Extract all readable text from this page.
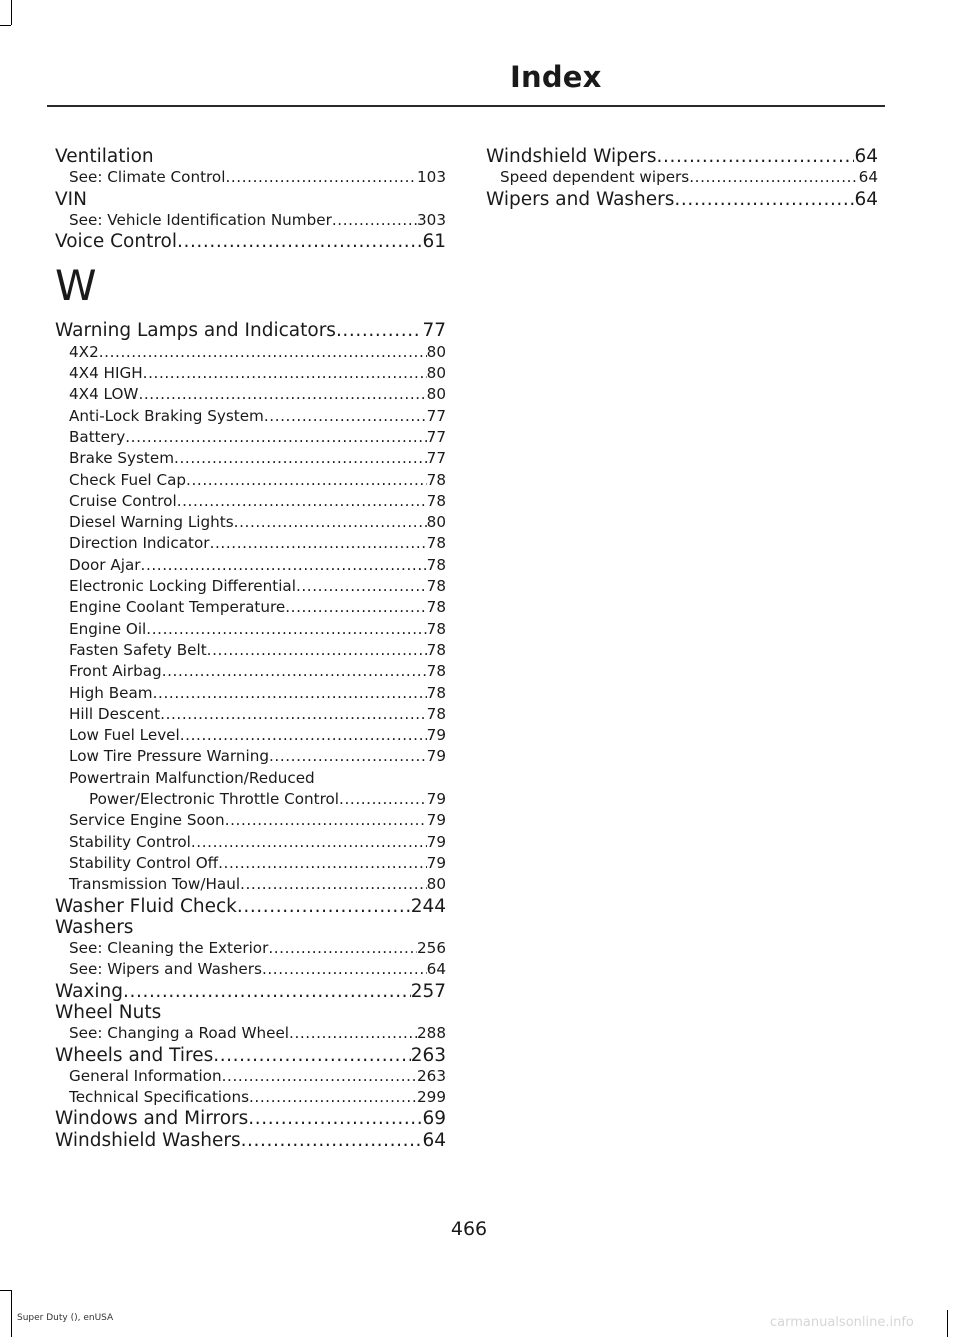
Index
Ventilation
See: Climate Control .....	103
VIN
See: Vehicle Identification Number .....	303
Voice Control .....	61
W
Warning Lamps and Indicators .....	77
4X2 .....	80
4X4 HIGH .....	80
4X4 LOW .....	80
Anti-Lock Braking System .....	77
Battery .....	77
Brake System .....	77
Check Fuel Cap .....	78
Cruise Control .....	78
Diesel Warning Lights .....	80
Direction Indicator .....	78
Door Ajar .....	78
Electronic Locking Differential .....	78
Engine Coolant Temperature .....	78
Engine Oil .....	78
Fasten Safety Belt .....	78
Front Airbag .....	78
High Beam .....	78
Hill Descent .....	78
Low Fuel Level .....	79
Low Tire Pressure Warning .....	79
Powertrain Malfunction/Reduced
Power/Electronic Throttle Control .....	79
Service Engine Soon .....	79
Stability Control .....	79
Stability Control Off .....	79
Transmission Tow/Haul .....	80
Washer Fluid Check .....	244
Washers
See: Cleaning the Exterior .....	256
See: Wipers and Washers .....	64
Waxing .....	257
Wheel Nuts
See: Changing a Road Wheel .....	288
Wheels and Tires .....	263
General Information .....	263
Technical Specifications .....	299
Windows and Mirrors .....	69
Windshield Washers .....	64
Windshield Wipers .....	64
Speed dependent wipers .....	64
Wipers and Washers .....	64
466
Super Duty (), enUSA	carmanualsonline.info
